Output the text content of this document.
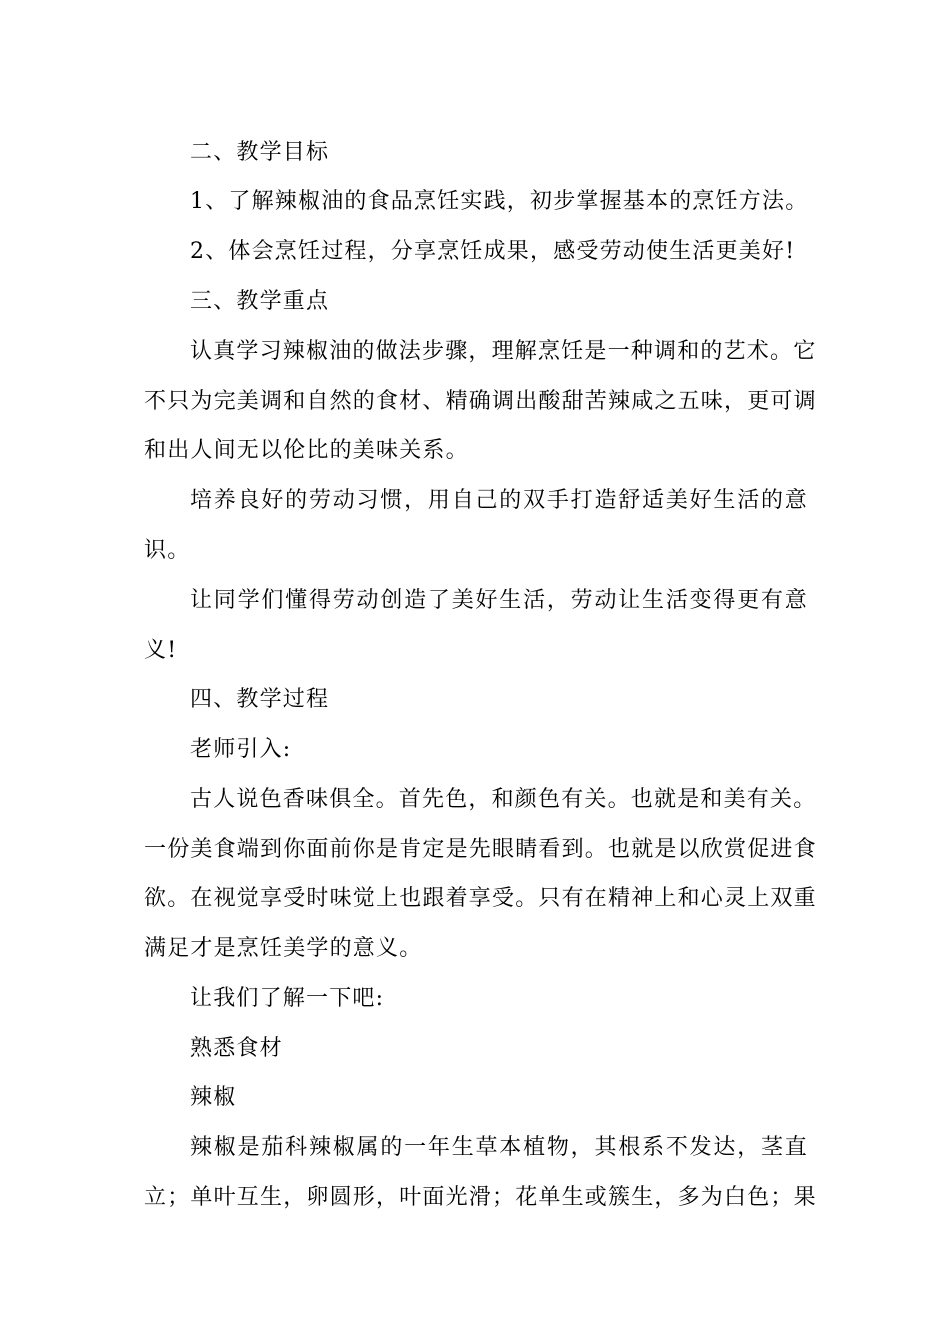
二、教学目标
1、了解辣椒油的食品烹饪实践，初步掌握基本的烹饪方法。
2、体会烹饪过程，分享烹饪成果，感受劳动使生活更美好!
三、教学重点
认真学习辣椒油的做法步骤，理解烹饪是一种调和的艺术。它
不只为完美调和自然的食材、精确调出酸甜苦辣咸之五味，更可调
和出人间无以伦比的美味关系。
培养良好的劳动习惯，用自己的双手打造舒适美好生活的意
识。
让同学们懂得劳动创造了美好生活，劳动让生活变得更有意
义!
四、教学过程
老师引入:
古人说色香味俱全。首先色，和颜色有关。也就是和美有关。
一份美食端到你面前你是肯定是先眼睛看到。也就是以欣赏促进食
欲。在视觉享受时味觉上也跟着享受。只有在精神上和心灵上双重
满足才是烹饪美学的意义。
让我们了解一下吧:
熟悉食材
辣椒
辣椒是茄科辣椒属的一年生草本植物，其根系不发达，茎直
立；单叶互生，卵圆形，叶面光滑；花单生或簇生，多为白色；果
